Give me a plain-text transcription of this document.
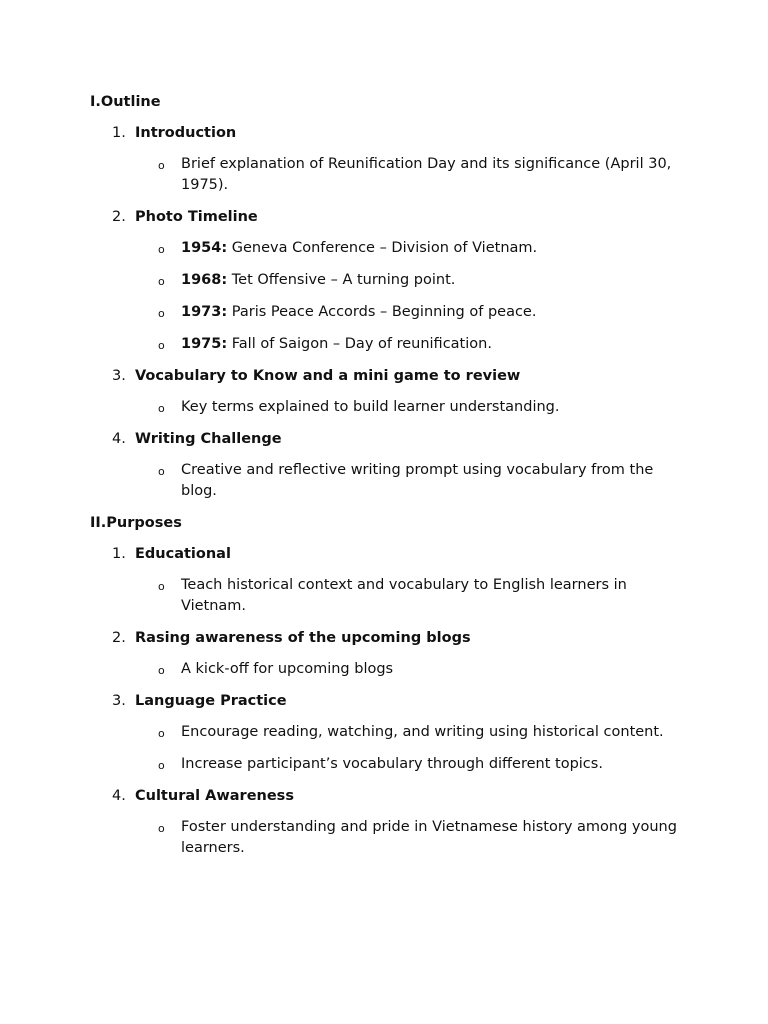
I.Outline
1. Introduction
o Brief explanation of Reunification Day and its significance (April 30, 1975).
2. Photo Timeline
o 1954: Geneva Conference – Division of Vietnam.
o 1968: Tet Offensive – A turning point.
o 1973: Paris Peace Accords – Beginning of peace.
o 1975: Fall of Saigon – Day of reunification.
3. Vocabulary to Know and a mini game to review
o Key terms explained to build learner understanding.
4. Writing Challenge
o Creative and reflective writing prompt using vocabulary from the blog.
II.Purposes
1. Educational
o Teach historical context and vocabulary to English learners in Vietnam.
2. Rasing awareness of the upcoming blogs
o A kick-off for upcoming blogs
3. Language Practice
o Encourage reading, watching, and writing using historical content.
o Increase participant’s vocabulary through different topics.
4. Cultural Awareness
o Foster understanding and pride in Vietnamese history among young learners.
